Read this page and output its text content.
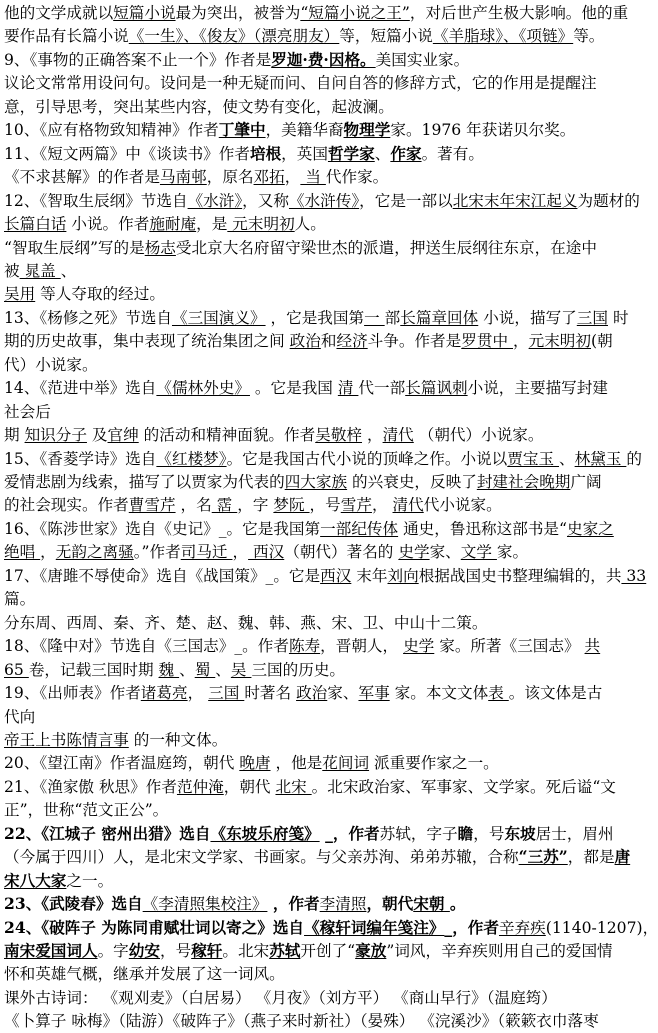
他的文学成就以短篇小说最为突出，被誉为“短篇小说之王”，对后世产生极大影响。他的重
要作品有长篇小说《一生》、《俊友》（漂亮朋友）等，短篇小说《羊脂球》、《项链》等。
9、《事物的正确答案不止一个》作者是罗迦·费·因格。美国实业家。
议论文常常用设问句。设问是一种无疑而问、自问自答的修辞方式，它的作用是提醒注
意，引导思考，突出某些内容，使文势有变化，起波澜。
10、《应有格物致知精神》作者丁肇中，美籍华裔物理学家。1976 年获诺贝尔奖。
11、《短文两篇》中《谈读书》作者培根，英国哲学家、作家。著有。
《不求甚解》的作者是马南邨，原名邓拓， 当 代作家。
12、《智取生辰纲》节选自《水浒》，又称《水浒传》，它是一部以北宋末年宋江起义为题材的
长篇白话 小说。作者施耐庵，是 元末明初人。
“智取生辰纲”写的是杨志受北京大名府留守梁世杰的派遣，押送生辰纲往东京，在途中
被 晁盖 、
吴用 等人夺取的经过。
13、《杨修之死》节选自《三国演义》 ，它是我国第一 部长篇章回体 小说，描写了三国 时
期的历史故事，集中表现了统治集团之间 政治和经济斗争。作者是罗贯中 ，元末明初(朝
代）小说家。
14、《范进中举》选自《儒林外史》 。它是我国 清 代一部长篇讽刺小说，主要描写封建
社会后
期 知识分子 及官绅 的活动和精神面貌。作者吴敬梓 ，清代 （朝代）小说家。
15、《香菱学诗》选自《红楼梦》。它是我国古代小说的顶峰之作。小说以贾宝玉 、林黛玉 的
爱情悲剧为线索，描写了以贾家为代表的四大家族 的兴衰史，反映了封建社会晚期广阔
的社会现实。作者曹雪芹 ，名 霑 ，字 梦阮 ，号雪芹， 清代代小说家。
16、《陈涉世家》选自《史记》_。它是我国第一部纪传体 通史，鲁迅称这部书是“史家之
绝唱 ，无韵之离骚。”作者司马迁 ， 西汉（朝代）著名的 史学家、文学 家。
17、《唐雎不辱使命》选自《战国策》_。它是西汉 末年刘向根据战国史书整理编辑的，共 33
篇。
分东周、西周、秦、齐、楚、赵、魏、韩、燕、宋、卫、中山十二策。
18、《隆中对》节选自《三国志》_。作者陈寿，晋朝人， 史学 家。所著《三国志》 共
65 卷，记载三国时期 魏 、蜀 、吴 三国的历史。
19、《出师表》作者诸葛亮， 三国 时著名 政治家、军事 家。本文文体表 。该文体是古
代向
帝王上书陈情言事 的一种文体。
20、《望江南》作者温庭筠，朝代 晚唐 ，他是花间词 派重要作家之一。
21、《渔家傲 秋思》作者范仲淹，朝代 北宋 。北宋政治家、军事家、文学家。死后谥“文
正”，世称“范文正公”。
22、《江城子 密州出猎》选自《东坡乐府笺》 _，作者苏轼，字子瞻，号东坡居士，眉州
（今属于四川）人，是北宋文学家、书画家。与父亲苏洵、弟弟苏辙，合称“三苏”，都是唐
宋八大家之一。
23、《武陵春》选自《李清照集校注》 ，作者李清照，朝代宋朝 。
24、《破阵子 为陈同甫赋壮词以寄之》选自《稼轩词编年笺注》_，作者辛弃疾(1140-1207)，
南宋爱国词人。字幼安，号稼轩。北宋苏轼开创了“豪放”词风，辛弃疾则用自己的爱国情
怀和英雄气概，继承并发展了这一词风。
课外古诗词： 《观刈麦》（白居易） 《月夜》（刘方平） 《商山早行》（温庭筠）
《卜算子 咏梅》（陆游）《破阵子》（燕子来时新社）（晏殊） 《浣溪沙》（簌簌衣巾落枣
